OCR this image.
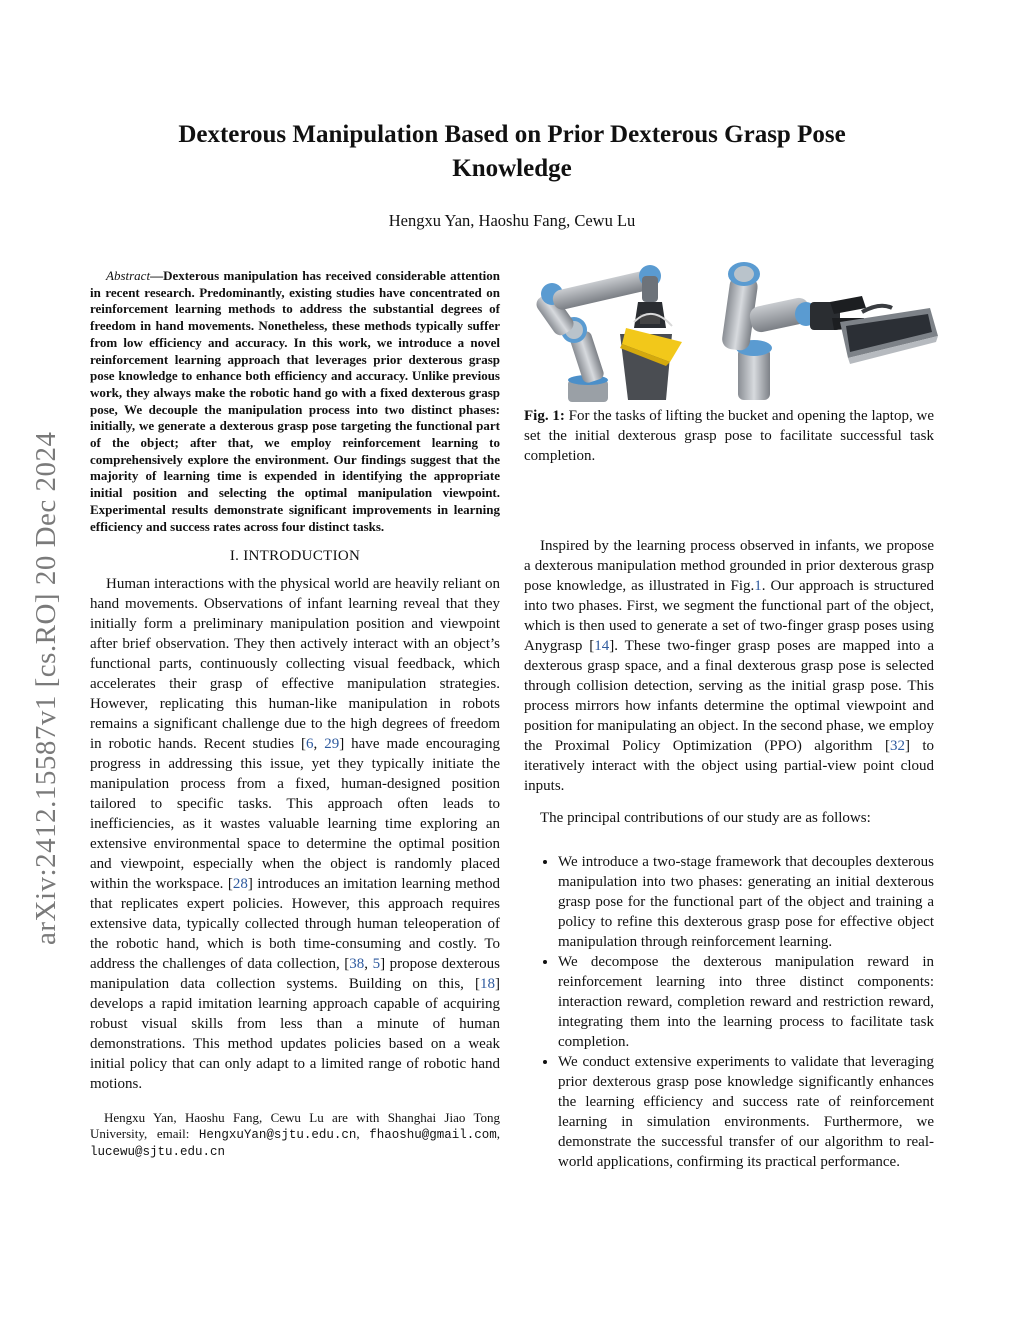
arXiv:2412.15587v1 [cs.RO] 20 Dec 2024
Dexterous Manipulation Based on Prior Dexterous Grasp Pose Knowledge
Hengxu Yan, Haoshu Fang, Cewu Lu

Abstract—Dexterous manipulation has received considerable attention in recent research. Predominantly, existing studies have concentrated on reinforcement learning methods to address the substantial degrees of freedom in hand movements. Nonetheless, these methods typically suffer from low efficiency and accuracy. In this work, we introduce a novel reinforcement learning approach that leverages prior dexterous grasp pose knowledge to enhance both efficiency and accuracy. Unlike previous work, they always make the robotic hand go with a fixed dexterous grasp pose, We decouple the manipulation process into two distinct phases: initially, we generate a dexterous grasp pose targeting the functional part of the object; after that, we employ reinforcement learning to comprehensively explore the environment. Our findings suggest that the majority of learning time is expended in identifying the appropriate initial position and selecting the optimal manipulation viewpoint. Experimental results demonstrate significant improvements in learning efficiency and success rates across four distinct tasks.

I. INTRODUCTION

Human interactions with the physical world are heavily reliant on hand movements. Observations of infant learning reveal that they initially form a preliminary manipulation position and viewpoint after brief observation. They then actively interact with an object’s functional parts, continuously collecting visual feedback, which accelerates their grasp of effective manipulation strategies. However, replicating this human-like manipulation in robots remains a significant challenge due to the high degrees of freedom in robotic hands. Recent studies [6, 29] have made encouraging progress in addressing this issue, yet they typically initiate the manipulation process from a fixed, human-designed position tailored to specific tasks. This approach often leads to inefficiencies, as it wastes valuable learning time exploring an extensive environmental space to determine the optimal position and viewpoint, especially when the object is randomly placed within the workspace. [28] introduces an imitation learning method that replicates expert policies. However, this approach requires extensive data, typically collected through human teleoperation of the robotic hand, which is both time-consuming and costly. To address the challenges of data collection, [38, 5] propose dexterous manipulation data collection systems. Building on this, [18] develops a rapid imitation learning approach capable of acquiring robust visual skills from less than a minute of human demonstrations. This method updates policies based on a weak initial policy that can only adapt to a limited range of robotic hand motions.

Hengxu Yan, Haoshu Fang, Cewu Lu are with Shanghai Jiao Tong University, email: HengxuYan@sjtu.edu.cn, fhaoshu@gmail.com, lucewu@sjtu.edu.cn
Fig. 1: For the tasks of lifting the bucket and opening the laptop, we set the initial dexterous grasp pose to facilitate successful task completion.

Inspired by the learning process observed in infants, we propose a dexterous manipulation method grounded in prior dexterous grasp pose knowledge, as illustrated in Fig.1. Our approach is structured into two phases. First, we segment the functional part of the object, which is then used to generate a set of two-finger grasp poses using Anygrasp [14]. These two-finger grasp poses are mapped into a dexterous grasp space, and a final dexterous grasp pose is selected through collision detection, serving as the initial grasp pose. This process mirrors how infants determine the optimal viewpoint and position for manipulating an object. In the second phase, we employ the Proximal Policy Optimization (PPO) algorithm [32] to iteratively interact with the object using partial-view point cloud inputs.

The principal contributions of our study are as follows:

• We introduce a two-stage framework that decouples dexterous manipulation into two phases: generating an initial dexterous grasp pose for the functional part of the object and training a policy to refine this dexterous grasp pose for effective object manipulation through reinforcement learning.
• We decompose the dexterous manipulation reward in reinforcement learning into three distinct components: interaction reward, completion reward and restriction reward, integrating them into the learning process to facilitate task completion.
• We conduct extensive experiments to validate that leveraging prior dexterous grasp pose knowledge significantly enhances the learning efficiency and success rate of reinforcement learning in simulation environments. Furthermore, we demonstrate the successful transfer of our algorithm to real-world applications, confirming its practical performance.
